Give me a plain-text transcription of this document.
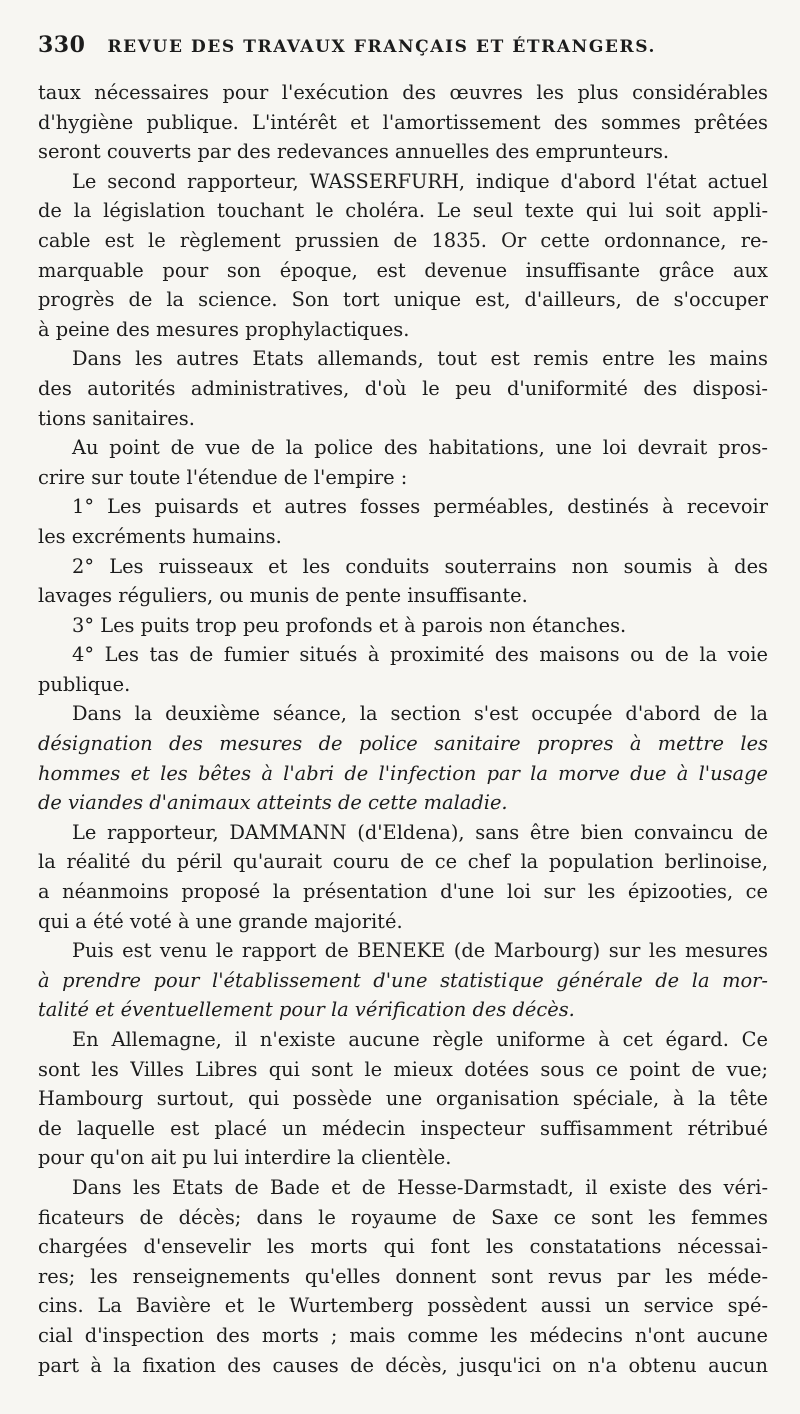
330 REVUE DES TRAVAUX FRANÇAIS ET ÉTRANGERS.
taux nécessaires pour l'exécution des œuvres les plus considérables
d'hygiène publique. L'intérêt et l'amortissement des sommes prêtées
seront couverts par des redevances annuelles des emprunteurs.
Le second rapporteur, WASSERFURH, indique d'abord l'état actuel
de la législation touchant le choléra. Le seul texte qui lui soit appli-
cable est le règlement prussien de 1835. Or cette ordonnance, re-
marquable pour son époque, est devenue insuffisante grâce aux
progrès de la science. Son tort unique est, d'ailleurs, de s'occuper
à peine des mesures prophylactiques.
Dans les autres Etats allemands, tout est remis entre les mains
des autorités administratives, d'où le peu d'uniformité des disposi-
tions sanitaires.
Au point de vue de la police des habitations, une loi devrait pros-
crire sur toute l'étendue de l'empire :
1° Les puisards et autres fosses perméables, destinés à recevoir
les excréments humains.
2° Les ruisseaux et les conduits souterrains non soumis à des
lavages réguliers, ou munis de pente insuffisante.
3° Les puits trop peu profonds et à parois non étanches.
4° Les tas de fumier situés à proximité des maisons ou de la voie
publique.
Dans la deuxième séance, la section s'est occupée d'abord de la
désignation des mesures de police sanitaire propres à mettre les
hommes et les bêtes à l'abri de l'infection par la morve due à l'usage
de viandes d'animaux atteints de cette maladie.
Le rapporteur, DAMMANN (d'Eldena), sans être bien convaincu de
la réalité du péril qu'aurait couru de ce chef la population berlinoise,
a néanmoins proposé la présentation d'une loi sur les épizooties, ce
qui a été voté à une grande majorité.
Puis est venu le rapport de BENEKE (de Marbourg) sur les mesures
à prendre pour l'établissement d'une statistique générale de la mor-
talité et éventuellement pour la vérification des décès.
En Allemagne, il n'existe aucune règle uniforme à cet égard. Ce
sont les Villes Libres qui sont le mieux dotées sous ce point de vue;
Hambourg surtout, qui possède une organisation spéciale, à la tête
de laquelle est placé un médecin inspecteur suffisamment rétribué
pour qu'on ait pu lui interdire la clientèle.
Dans les Etats de Bade et de Hesse-Darmstadt, il existe des véri-
ficateurs de décès; dans le royaume de Saxe ce sont les femmes
chargées d'ensevelir les morts qui font les constatations nécessai-
res; les renseignements qu'elles donnent sont revus par les méde-
cins. La Bavière et le Wurtemberg possèdent aussi un service spé-
cial d'inspection des morts ; mais comme les médecins n'ont aucune
part à la fixation des causes de décès, jusqu'ici on n'a obtenu aucun
